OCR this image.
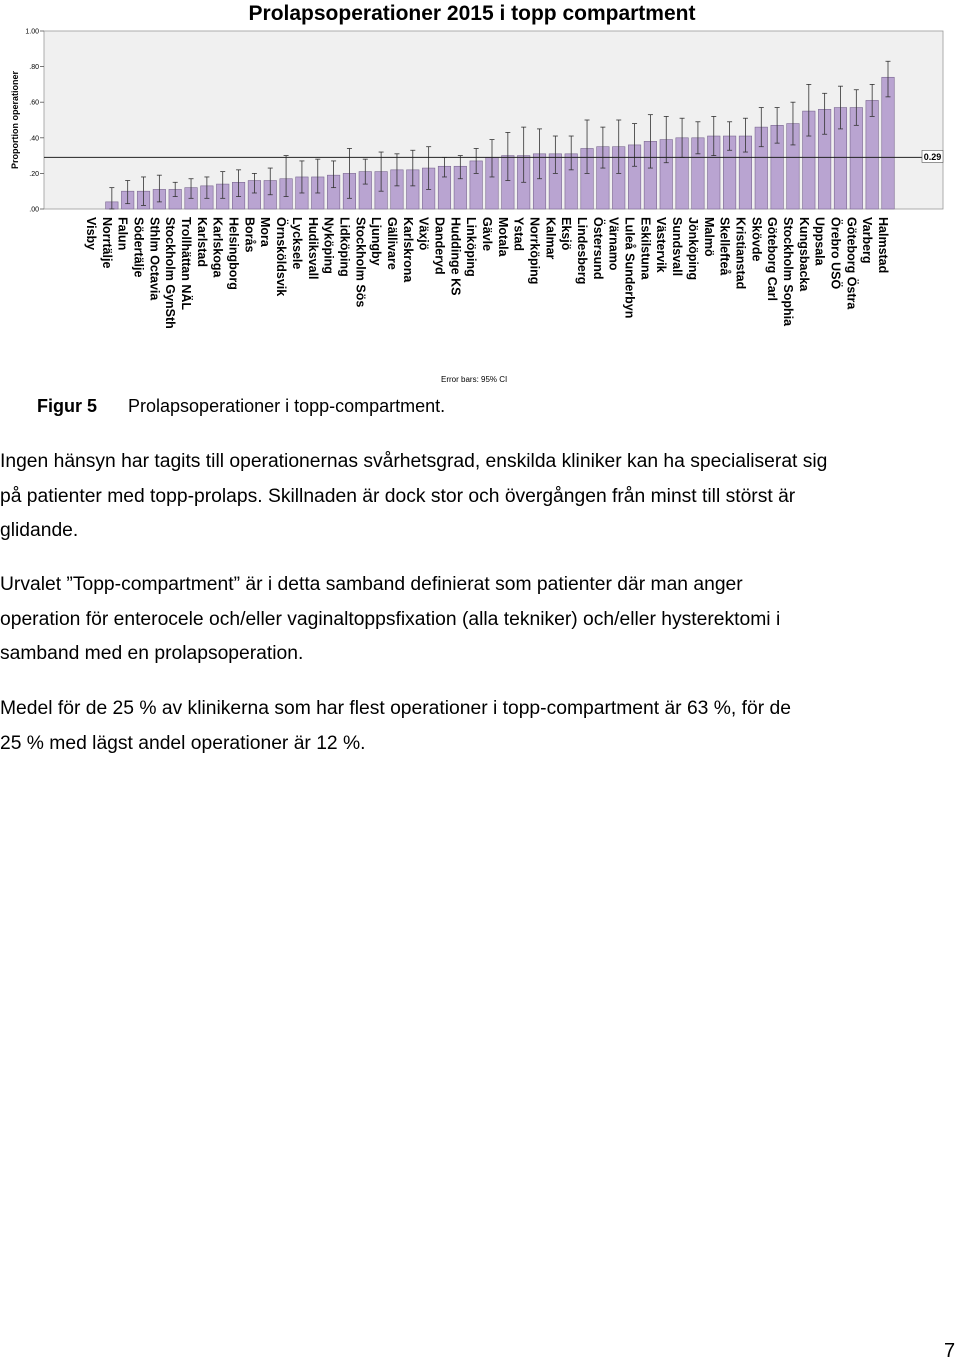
Prolapsoperationer 2015 i topp compartment
.00
.20
.40
.60
.80
1.00
Visby Norrtälje Falun Södertälje Sthlm Octavia Stockholm GynSth Trollhättan NÄL Karlstad Karlskoga Helsingborg Borås Mora Örnsköldsvik Lycksele Hudiksvall Nyköping Lidköping Stockholm Sös Ljungby Gällivare Karlskrona Växjö Danderyd Huddinge KS Linköping Gävle Motala Ystad Norrköping Kalmar Eksjö Lindesberg Östersund Värnamo Luleå Sunderbyn Eskilstuna Västervik Sundsvall Jönköping Malmö Skellefteå Kristianstad Skövde Göteborg Carl Stockholm Sophia Kungsbacka Uppsala Örebro USÖ Göteborg Östra Varberg Halmstad
0.29
Proportion operationer
Error bars: 95% CI
Figur 5 Prolapsoperationer i topp-compartment.

Ingen hänsyn har tagits till operationernas svårhetsgrad, enskilda kliniker kan ha specialiserat sig
på patienter med topp-prolaps. Skillnaden är dock stor och övergången från minst till störst är
glidande.

Urvalet ”Topp-compartment” är i detta samband definierat som patienter där man anger
operation för enterocele och/eller vaginaltoppsfixation (alla tekniker) och/eller hysterektomi i
samband med en prolapsoperation.

Medel för de 25 % av klinikerna som har flest operationer i topp-compartment är 63 %, för de
25 % med lägst andel operationer är 12 %.

7
